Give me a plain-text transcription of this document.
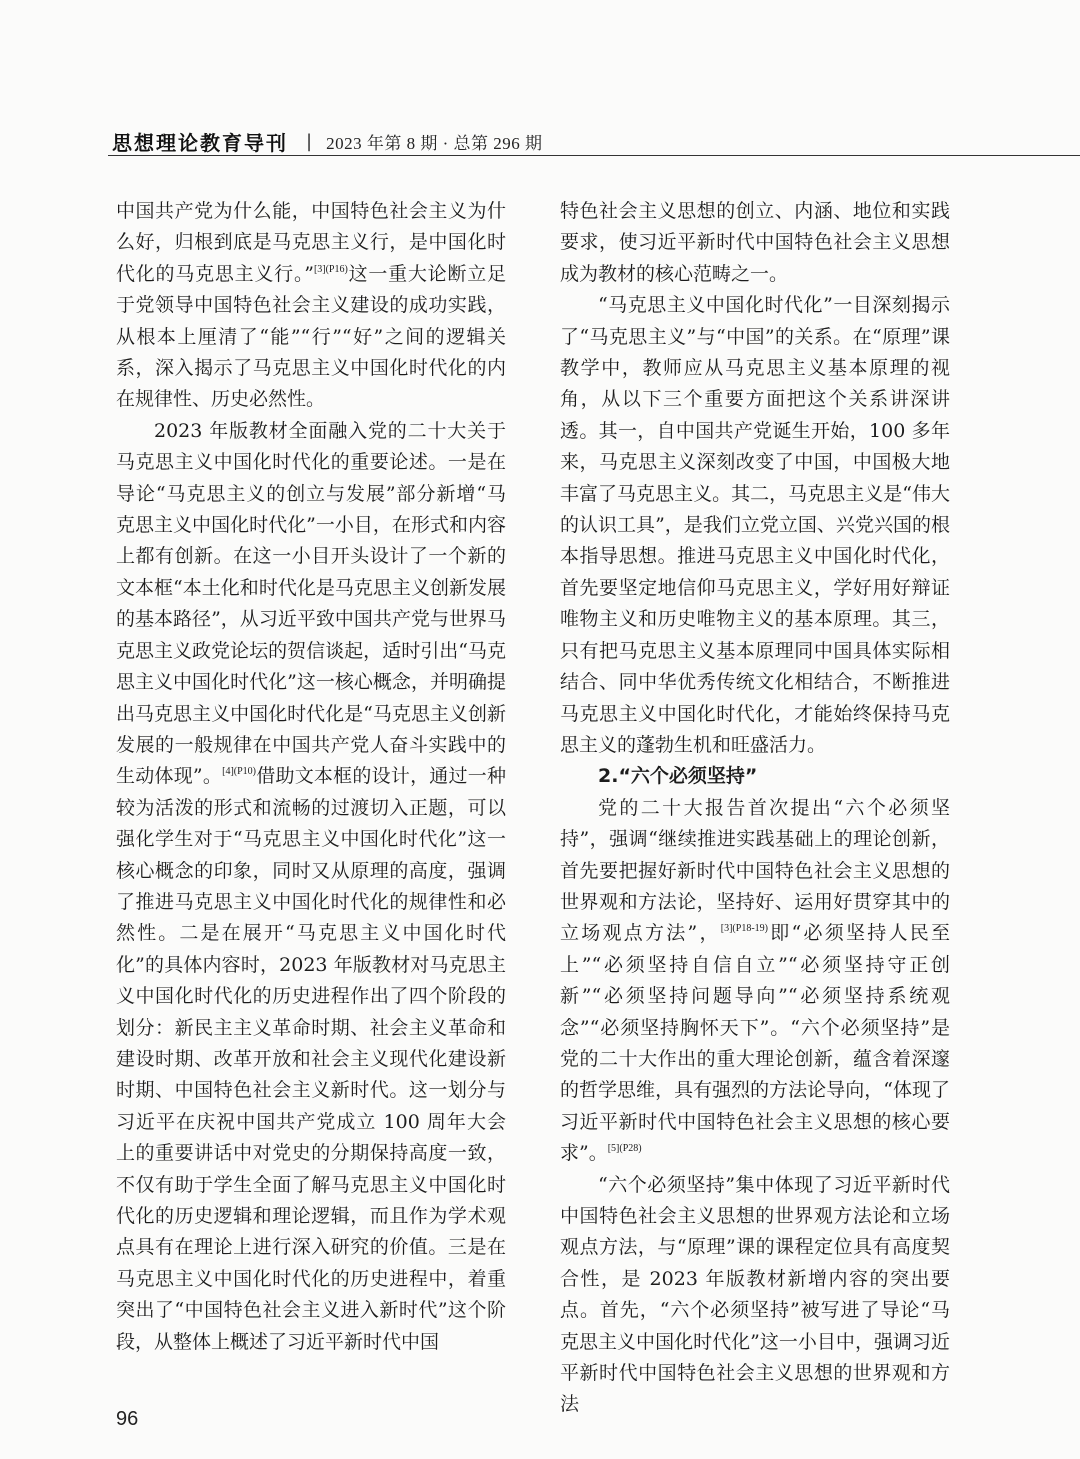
思想理论教育导刊 | 2023 年第 8 期 · 总第 296 期

中国共产党为什么能，中国特色社会主义为什么好，归根到底是马克思主义行，是中国化时代化的马克思主义行。”$^{[3](P16)}$这一重大论断立足于党领导中国特色社会主义建设的成功实践，从根本上厘清了“能”“行”“好”之间的逻辑关系，深入揭示了马克思主义中国化时代化的内在规律性、历史必然性。

2023 年版教材全面融入党的二十大关于马克思主义中国化时代化的重要论述。一是在导论“马克思主义的创立与发展”部分新增“马克思主义中国化时代化”一小目，在形式和内容上都有创新。在这一小目开头设计了一个新的文本框“本土化和时代化是马克思主义创新发展的基本路径”，从习近平致中国共产党与世界马克思主义政党论坛的贺信谈起，适时引出“马克思主义中国化时代化”这一核心概念，并明确提出马克思主义中国化时代化是“马克思主义创新发展的一般规律在中国共产党人奋斗实践中的生动体现”。$^{[4](P10)}$借助文本框的设计，通过一种较为活泼的形式和流畅的过渡切入正题，可以强化学生对于“马克思主义中国化时代化”这一核心概念的印象，同时又从原理的高度，强调了推进马克思主义中国化时代化的规律性和必然性。二是在展开“马克思主义中国化时代化”的具体内容时，2023 年版教材对马克思主义中国化时代化的历史进程作出了四个阶段的划分：新民主主义革命时期、社会主义革命和建设时期、改革开放和社会主义现代化建设新时期、中国特色社会主义新时代。这一划分与习近平在庆祝中国共产党成立 100 周年大会上的重要讲话中对党史的分期保持高度一致，不仅有助于学生全面了解马克思主义中国化时代化的历史逻辑和理论逻辑，而且作为学术观点具有在理论上进行深入研究的价值。三是在马克思主义中国化时代化的历史进程中，着重突出了“中国特色社会主义进入新时代”这个阶段，从整体上概述了习近平新时代中国

特色社会主义思想的创立、内涵、地位和实践要求，使习近平新时代中国特色社会主义思想成为教材的核心范畴之一。

“马克思主义中国化时代化”一目深刻揭示了“马克思主义”与“中国”的关系。在“原理”课教学中，教师应从马克思主义基本原理的视角，从以下三个重要方面把这个关系讲深讲透。其一，自中国共产党诞生开始，100 多年来，马克思主义深刻改变了中国，中国极大地丰富了马克思主义。其二，马克思主义是“伟大的认识工具”，是我们立党立国、兴党兴国的根本指导思想。推进马克思主义中国化时代化，首先要坚定地信仰马克思主义，学好用好辩证唯物主义和历史唯物主义的基本原理。其三，只有把马克思主义基本原理同中国具体实际相结合、同中华优秀传统文化相结合，不断推进马克思主义中国化时代化，才能始终保持马克思主义的蓬勃生机和旺盛活力。

2.“六个必须坚持”

党的二十大报告首次提出“六个必须坚持”，强调“继续推进实践基础上的理论创新，首先要把握好新时代中国特色社会主义思想的世界观和方法论，坚持好、运用好贯穿其中的立场观点方法”，$^{[3](P18-19)}$即“必须坚持人民至上”“必须坚持自信自立”“必须坚持守正创新”“必须坚持问题导向”“必须坚持系统观念”“必须坚持胸怀天下”。“六个必须坚持”是党的二十大作出的重大理论创新，蕴含着深邃的哲学思维，具有强烈的方法论导向，“体现了习近平新时代中国特色社会主义思想的核心要求”。$^{[5](P28)}$

“六个必须坚持”集中体现了习近平新时代中国特色社会主义思想的世界观方法论和立场观点方法，与“原理”课的课程定位具有高度契合性，是 2023 年版教材新增内容的突出要点。首先，“六个必须坚持”被写进了导论“马克思主义中国化时代化”这一小目中，强调习近平新时代中国特色社会主义思想的世界观和方法

96
